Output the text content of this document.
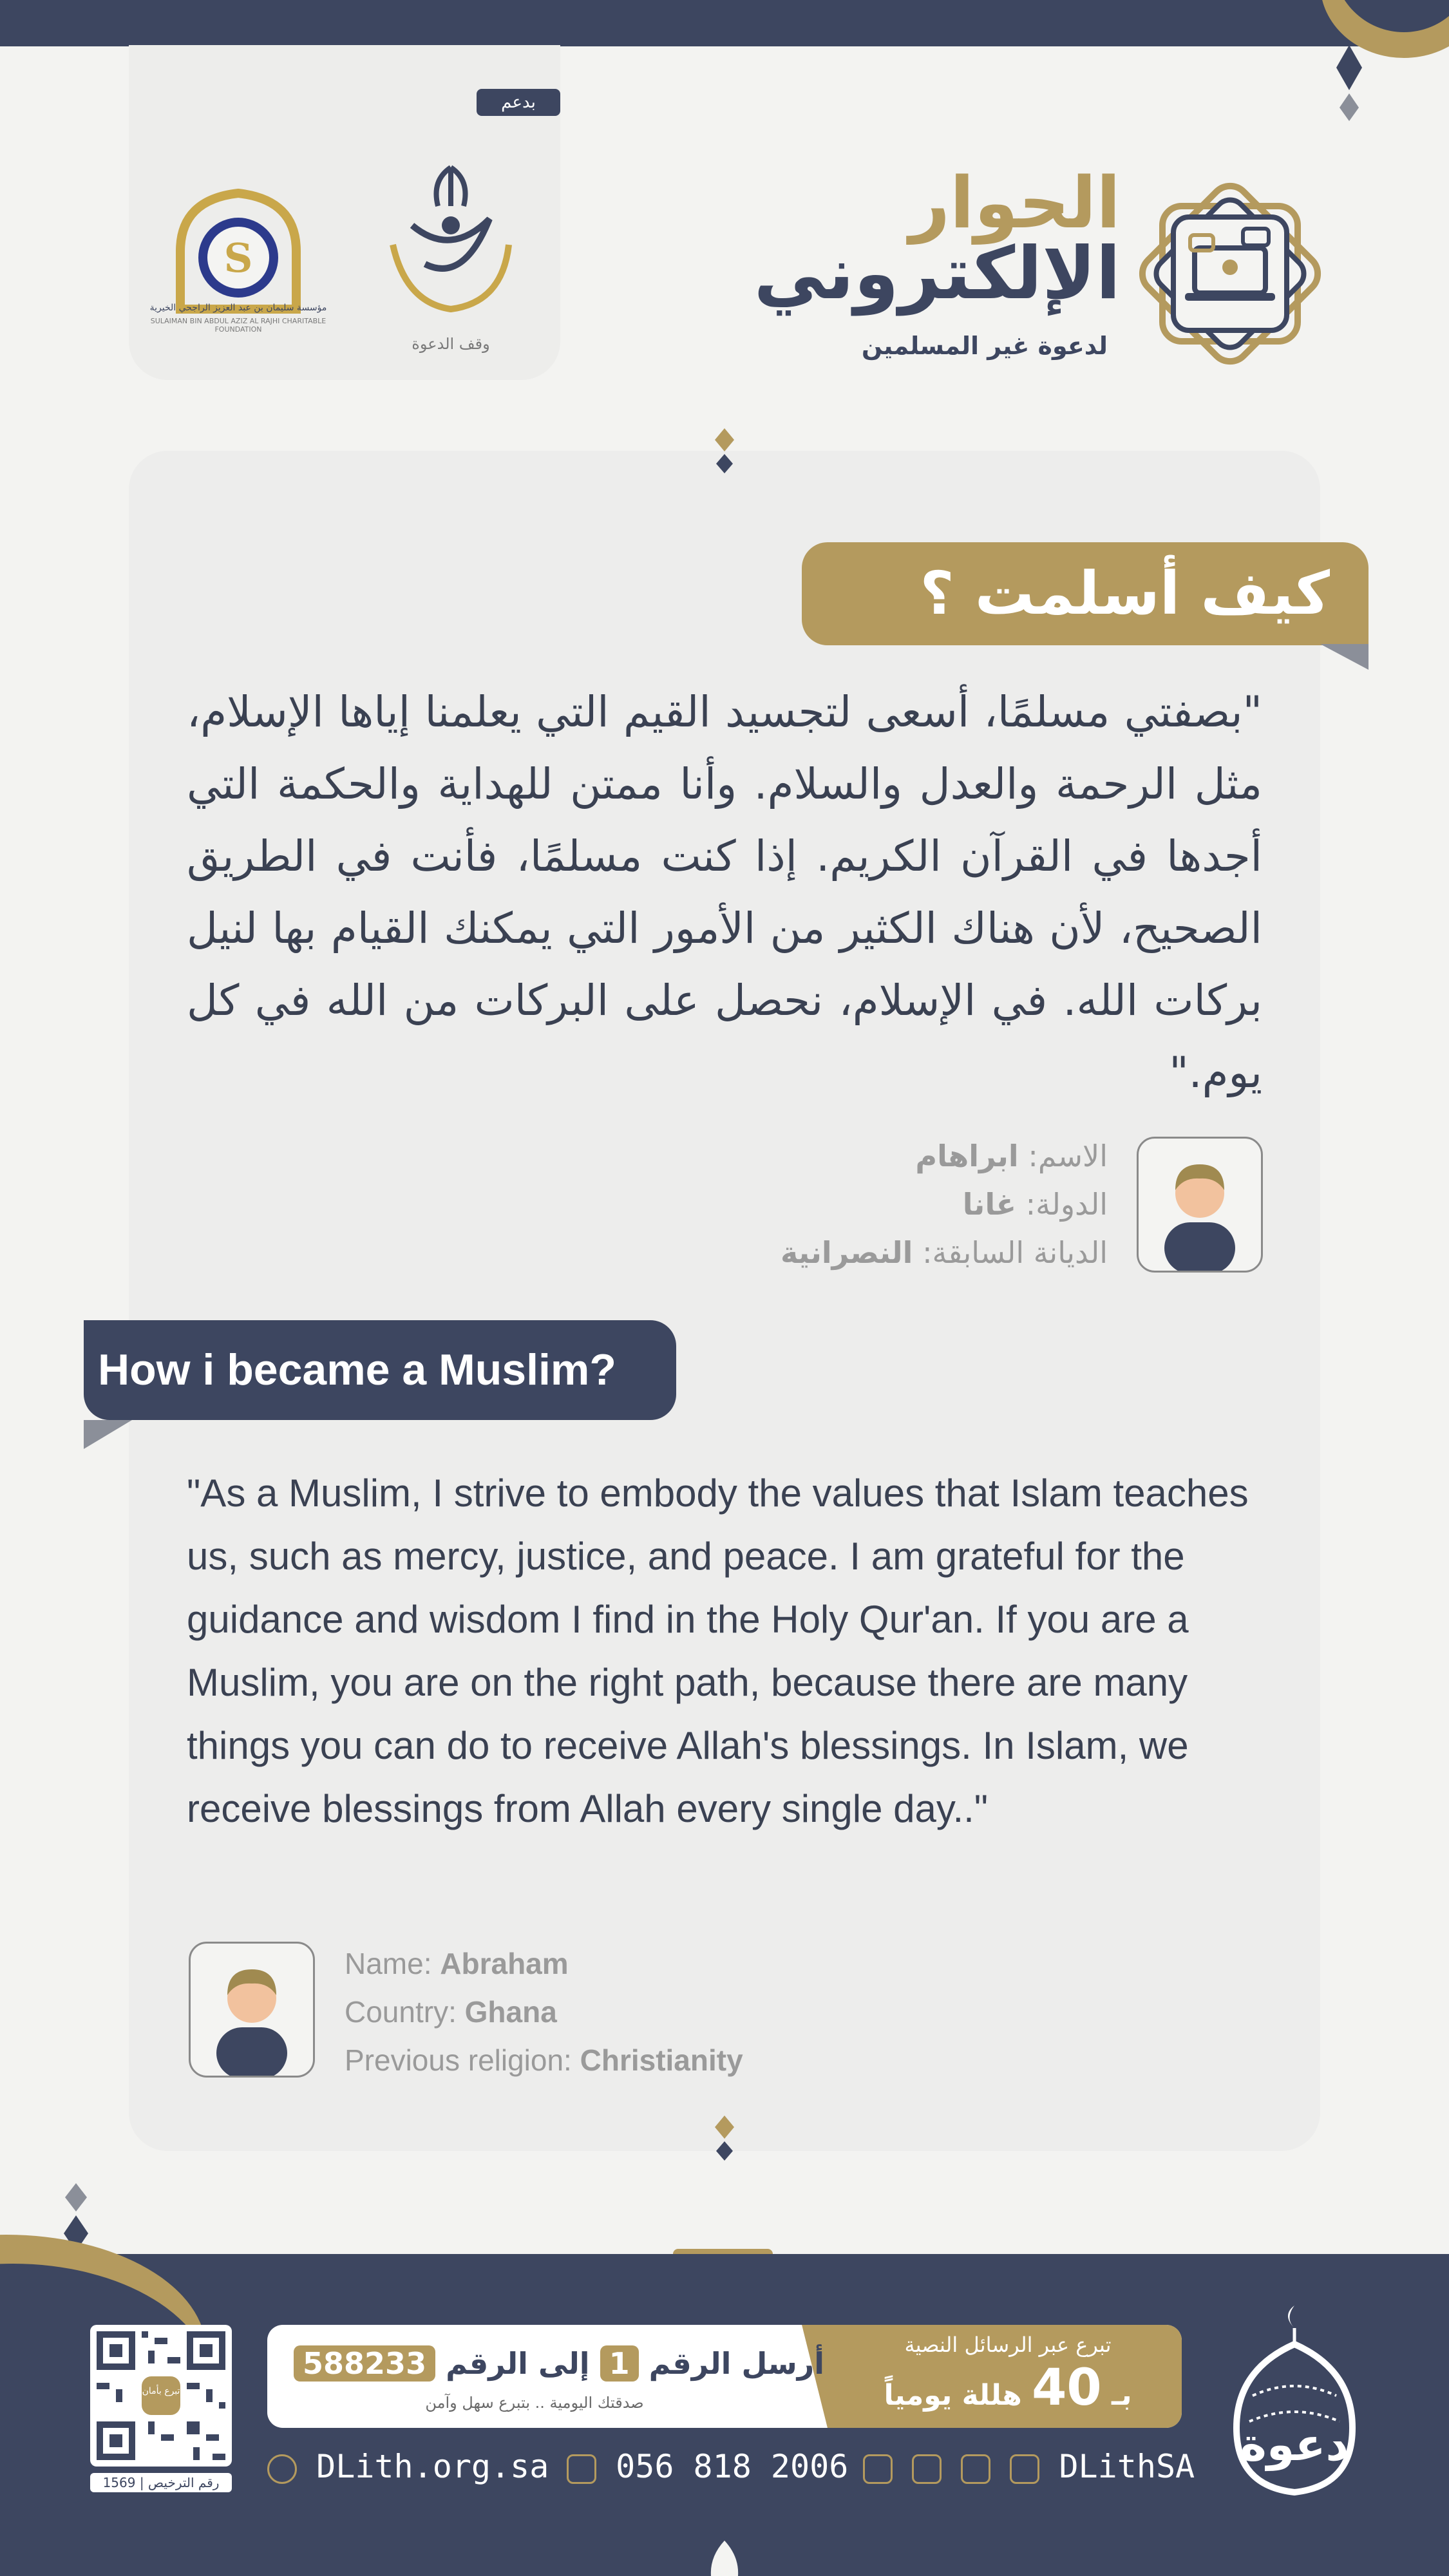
بدعم
S
مؤسسة سليمان بن عبد العزيز الراجحي الخيرية
SULAIMAN BIN ABDUL AZIZ AL RAJHI CHARITABLE FOUNDATION
وقف الدعوة
الحوار
الإلكتروني
لدعوة غير المسلمين
كيف أسلمت ؟
"بصفتي مسلمًا، أسعى لتجسيد القيم التي يعلمنا إياها الإسلام، مثل الرحمة والعدل والسلام. وأنا ممتن للهداية والحكمة التي أجدها في القرآن الكريم. إذا كنت مسلمًا، فأنت في الطريق الصحيح، لأن هناك الكثير من الأمور التي يمكنك القيام بها لنيل بركات الله. في الإسلام، نحصل على البركات من الله في كل يوم."
الاسم: ابراهام
الدولة: غانا
الديانة السابقة: النصرانية
How i became a Muslim?
"As a Muslim, I strive to embody the values that Islam teaches us, such as mercy, justice, and peace. I am grateful for the guidance and wisdom I find in the Holy Qur'an. If you are a Muslim, you are on the right path, because there are many things you can do to receive Allah's blessings. In Islam, we receive blessings from Allah every single day.."
Name: Abraham
Country: Ghana
Previous religion: Christianity
تبرع بأمان
رقم الترخيص | 1569
تبرع عبر الرسائل النصية
بـ 40 هللة يومياً
أرسل الرقم 1 إلى الرقم 588233
صدقتك اليومية .. بتبرع سهل وآمن
DLith.org.sa	056 818 2006	DLithSA دعوة
